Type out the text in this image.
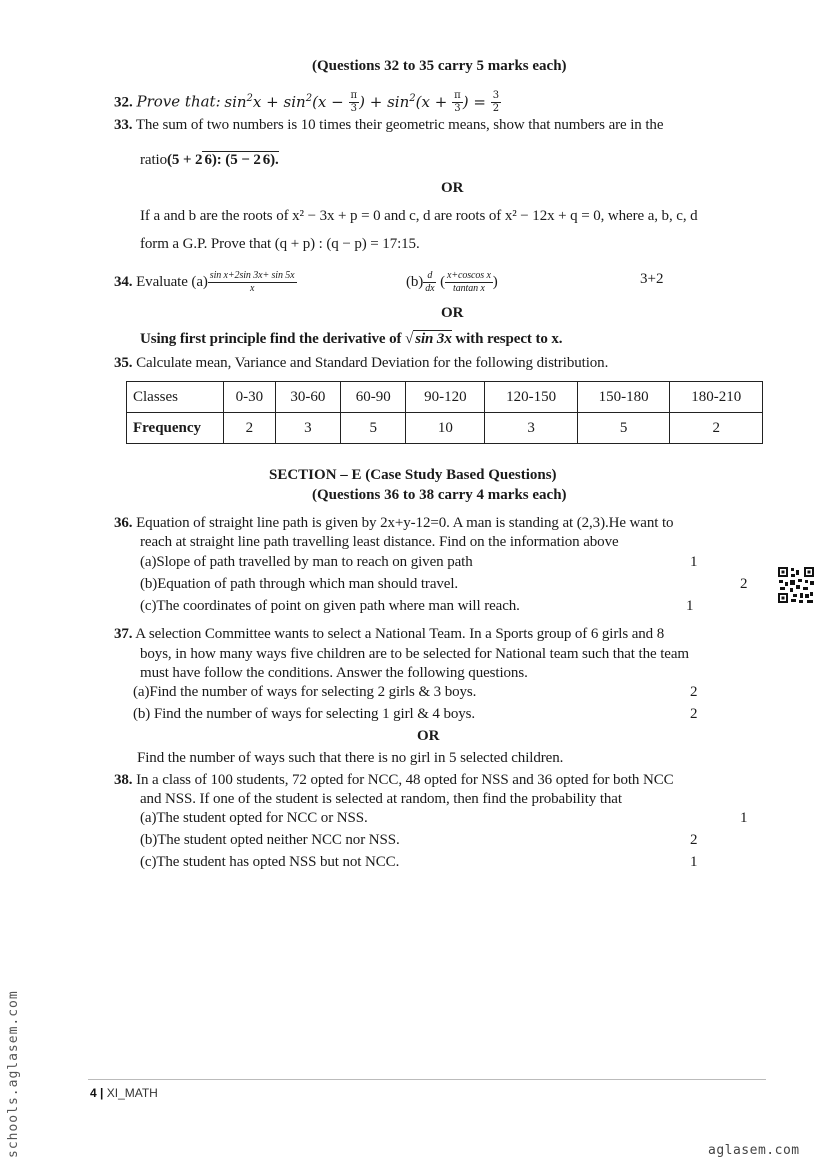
(Questions 32 to 35 carry 5 marks each)
32. Prove that: $\sin^2x + \sin^2(x - \frac{\pi}{3}$ ) + $\sin^2(x + \frac{\pi}{3}$ ) = $\frac{3}{2}$
33. The sum of two numbers is 10 times their geometric means, show that numbers are in the
ratio(5 + 2 6): (5 − 2 6).
OR
If a and b are the roots of x² − 3x + p = 0 and c, d are roots of x² − 12x + q = 0, where a, b, c, d
form a G.P. Prove that (q + p) : (q − p) = 17:15.
34. Evaluate $(a) \frac{\text{sin x+2sin 3x+ sin 5x}}{x}$	$(b) \frac{d}{dx}$ ( $\frac{\text{x+coscos x}}{\text{tantan x}}$ )	3+2
OR
Using first principle find the derivative of √ sin 3x with respect to x.
35. Calculate mean, Variance and Standard Deviation for the following distribution.
Classes	0-30	30-60	60-90	90-120	120-150	150-180	180-210
Frequency	2	3	5	10	3	5	2
SECTION – E (Case Study Based Questions)
(Questions 36 to 38 carry 4 marks each)
36. Equation of straight line path is given by 2x+y-12=0. A man is standing at (2,3).He want to
reach at straight line path travelling least distance. Find on the information above
(a)Slope of path travelled by man to reach on given path	1
(b)Equation of path through which man should travel.	2
(c)The coordinates of point on given path where man will reach.	1
37. A selection Committee wants to select a National Team. In a Sports group of 6 girls and 8
boys, in how many ways five children are to be selected for National team such that the team
must have follow the conditions. Answer the following questions.
(a)Find the number of ways for selecting 2 girls & 3 boys.	2
(b) Find the number of ways for selecting 1 girl & 4 boys.	2
OR
Find the number of ways such that there is no girl in 5 selected children.
38. In a class of 100 students, 72 opted for NCC, 48 opted for NSS and 36 opted for both NCC
and NSS. If one of the student is selected at random, then find the probability that
(a)The student opted for NCC or NSS.	1
(b)The student opted neither NCC nor NSS.	2
(c)The student has opted NSS but not NCC.	1
4 | XI_MATH
schools.aglasem.com	aglasem.com
